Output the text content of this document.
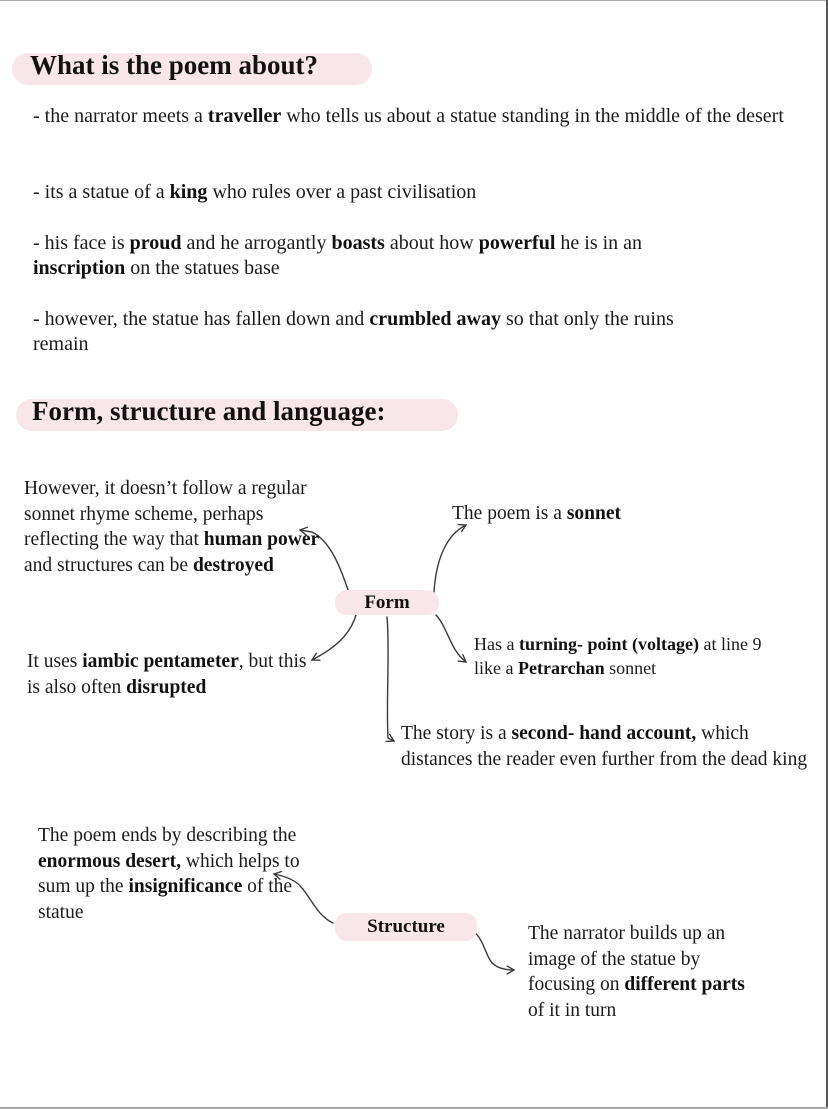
What is the poem about?
- the narrator meets a traveller who tells us about a statue standing in the middle of the desert
- its a statue of a king who rules over a past civilisation
- his face is proud and he arrogantly boasts about how powerful he is in an inscription on the statues base
- however, the statue has fallen down and crumbled away so that only the ruins remain
Form, structure and language:
Form
However, it doesn’t follow a regular sonnet rhyme scheme, perhaps reflecting the way that human power and structures can be destroyed
The poem is a sonnet
It uses iambic pentameter, but this is also often disrupted
Has a turning- point (voltage) at line 9 like a Petrarchan sonnet
The story is a second- hand account, which distances the reader even further from the dead king
Structure
The poem ends by describing the enormous desert, which helps to sum up the insignificance of the statue
The narrator builds up an image of the statue by focusing on different parts of it in turn
